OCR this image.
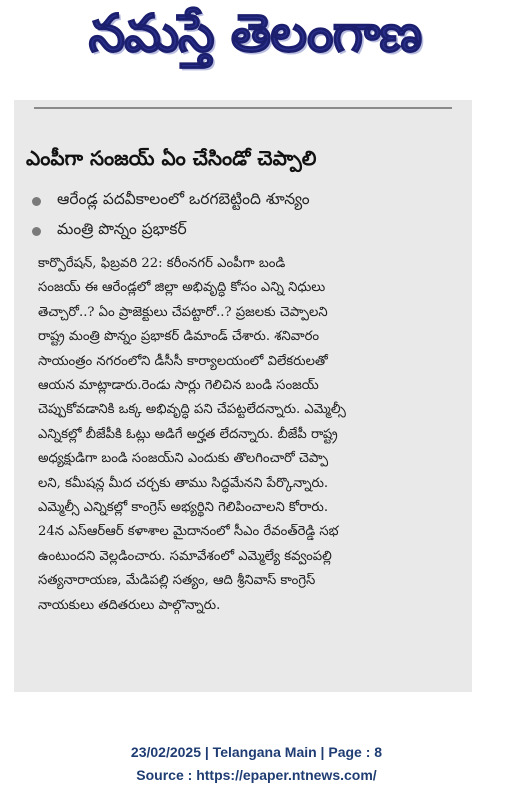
నమస్తే తెలంగాణ
ఎంపీగా సంజయ్ ఏం చేసిండో చెప్పాలి
ఆరేండ్ల పదవీకాలంలో ఒరగబెట్టింది శూన్యం
మంత్రి పొన్నం ప్రభాకర్
కార్పొరేషన్, ఫిబ్రవరి 22: కరీంనగర్ ఎంపీగా బండి
సంజయ్ ఈ ఆరేండ్లలో జిల్లా అభివృద్ధి కోసం ఎన్ని నిధులు
తెచ్చారో..? ఏం ప్రాజెక్టులు చేపట్టారో..? ప్రజలకు చెప్పాలని
రాష్ట్ర మంత్రి పొన్నం ప్రభాకర్ డిమాండ్ చేశారు. శనివారం
సాయంత్రం నగరంలోని డీసీసీ కార్యాలయంలో విలేకరులతో
ఆయన మాట్లాడారు.రెండు సార్లు గెలిచిన బండి సంజయ్
చెప్పుకోవడానికి ఒక్క అభివృద్ధి పని చేపట్టలేదన్నారు. ఎమ్మెల్సీ
ఎన్నికల్లో బీజేపీకి ఓట్లు అడిగే అర్హత లేదన్నారు. బీజేపీ రాష్ట్ర
అధ్యక్షుడిగా బండి సంజయ్‌ని ఎందుకు తొలగించారో చెప్పా
లని, కమీషన్ల మీద చర్చకు తాము సిద్ధమేనని పేర్కొన్నారు.
ఎమ్మెల్సీ ఎన్నికల్లో కాంగ్రెస్ అభ్యర్థిని గెలిపించాలని కోరారు.
24న ఎస్ఆర్ఆర్ కళాశాల మైదానంలో సీఎం రేవంత్‌రెడ్డి సభ
ఉంటుందని వెల్లడించారు. సమావేశంలో ఎమ్మెల్యే కవ్వంపల్లి
సత్యనారాయణ, మేడిపల్లి సత్యం, ఆది శ్రీనివాస్ కాంగ్రెస్
నాయకులు తదితరులు పాల్గొన్నారు.
23/02/2025 | Telangana Main | Page : 8
Source : https://epaper.ntnews.com/
